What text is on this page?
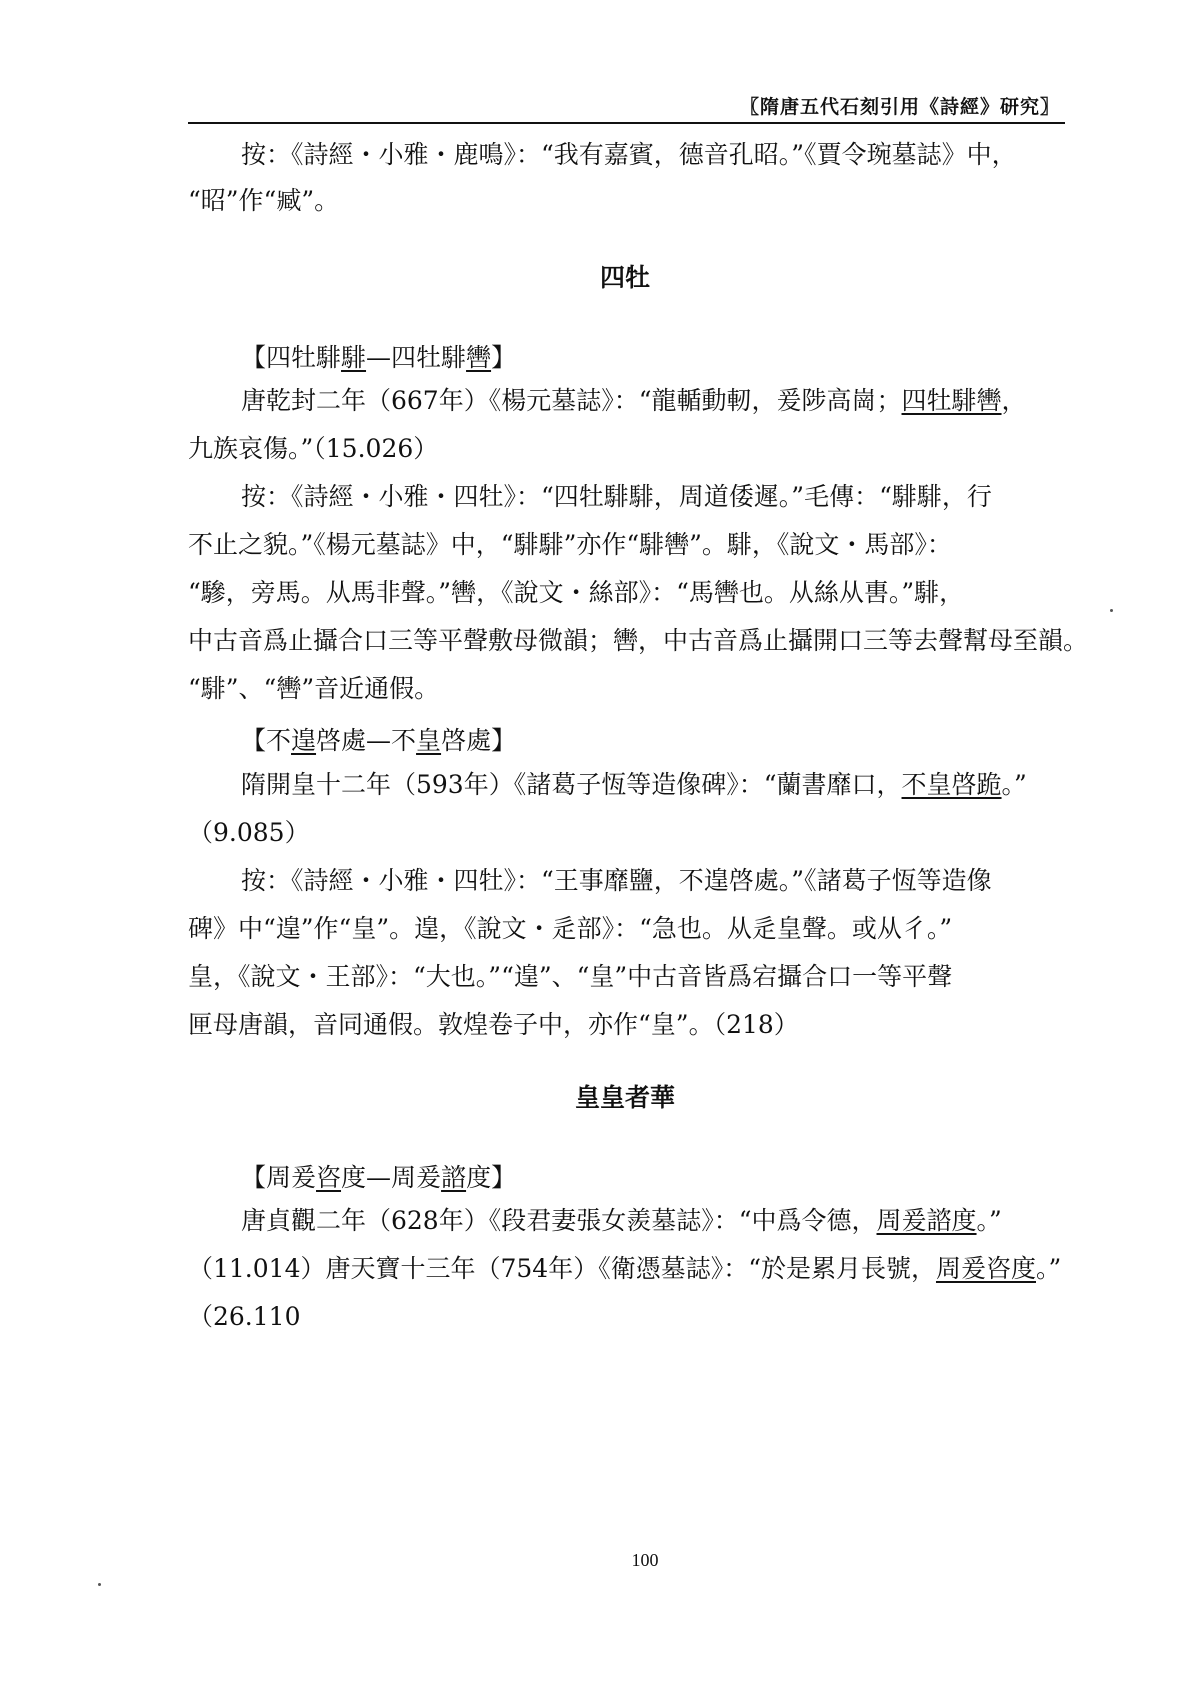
〖隋唐五代石刻引用《詩經》研究〗
按：《詩經・小雅・鹿鳴》：“我有嘉賓，德音孔昭。”《賈令琬墓誌》中，
“昭”作“臧”。
四牡
【四牡騑騑—四牡騑轡】
唐乾封二年（667年）《楊元墓誌》：“龍輴動軔，爰陟高崗；四牡騑轡，
九族哀傷。”（15.026）
按：《詩經・小雅・四牡》：“四牡騑騑，周道倭遲。”毛傳：“騑騑，行
不止之貌。”《楊元墓誌》中，“騑騑”亦作“騑轡”。騑，《說文・馬部》：
“驂，旁馬。从馬非聲。”轡，《說文・絲部》：“馬轡也。从絲从軎。”騑，
中古音爲止攝合口三等平聲敷母微韻；轡，中古音爲止攝開口三等去聲幫母至韻。
“騑”、“轡”音近通假。
【不遑啓處—不皇啓處】
隋開皇十二年（593年）《諸葛子恆等造像碑》：“蘭書靡口，不皇啓跪。”
（9.085）
按：《詩經・小雅・四牡》：“王事靡鹽，不遑啓處。”《諸葛子恆等造像
碑》中“遑”作“皇”。遑，《說文・辵部》：“急也。从辵皇聲。或从彳。”
皇，《說文・王部》：“大也。”“遑”、“皇”中古音皆爲宕攝合口一等平聲
匣母唐韻，音同通假。敦煌卷子中，亦作“皇”。（218）
皇皇者華
【周爰咨度—周爰諮度】
唐貞觀二年（628年）《段君妻張女羨墓誌》：“中爲令德，周爰諮度。”
（11.014）唐天寶十三年（754年）《衛憑墓誌》：“於是累月長號，周爰咨度。”
（26.110
100
